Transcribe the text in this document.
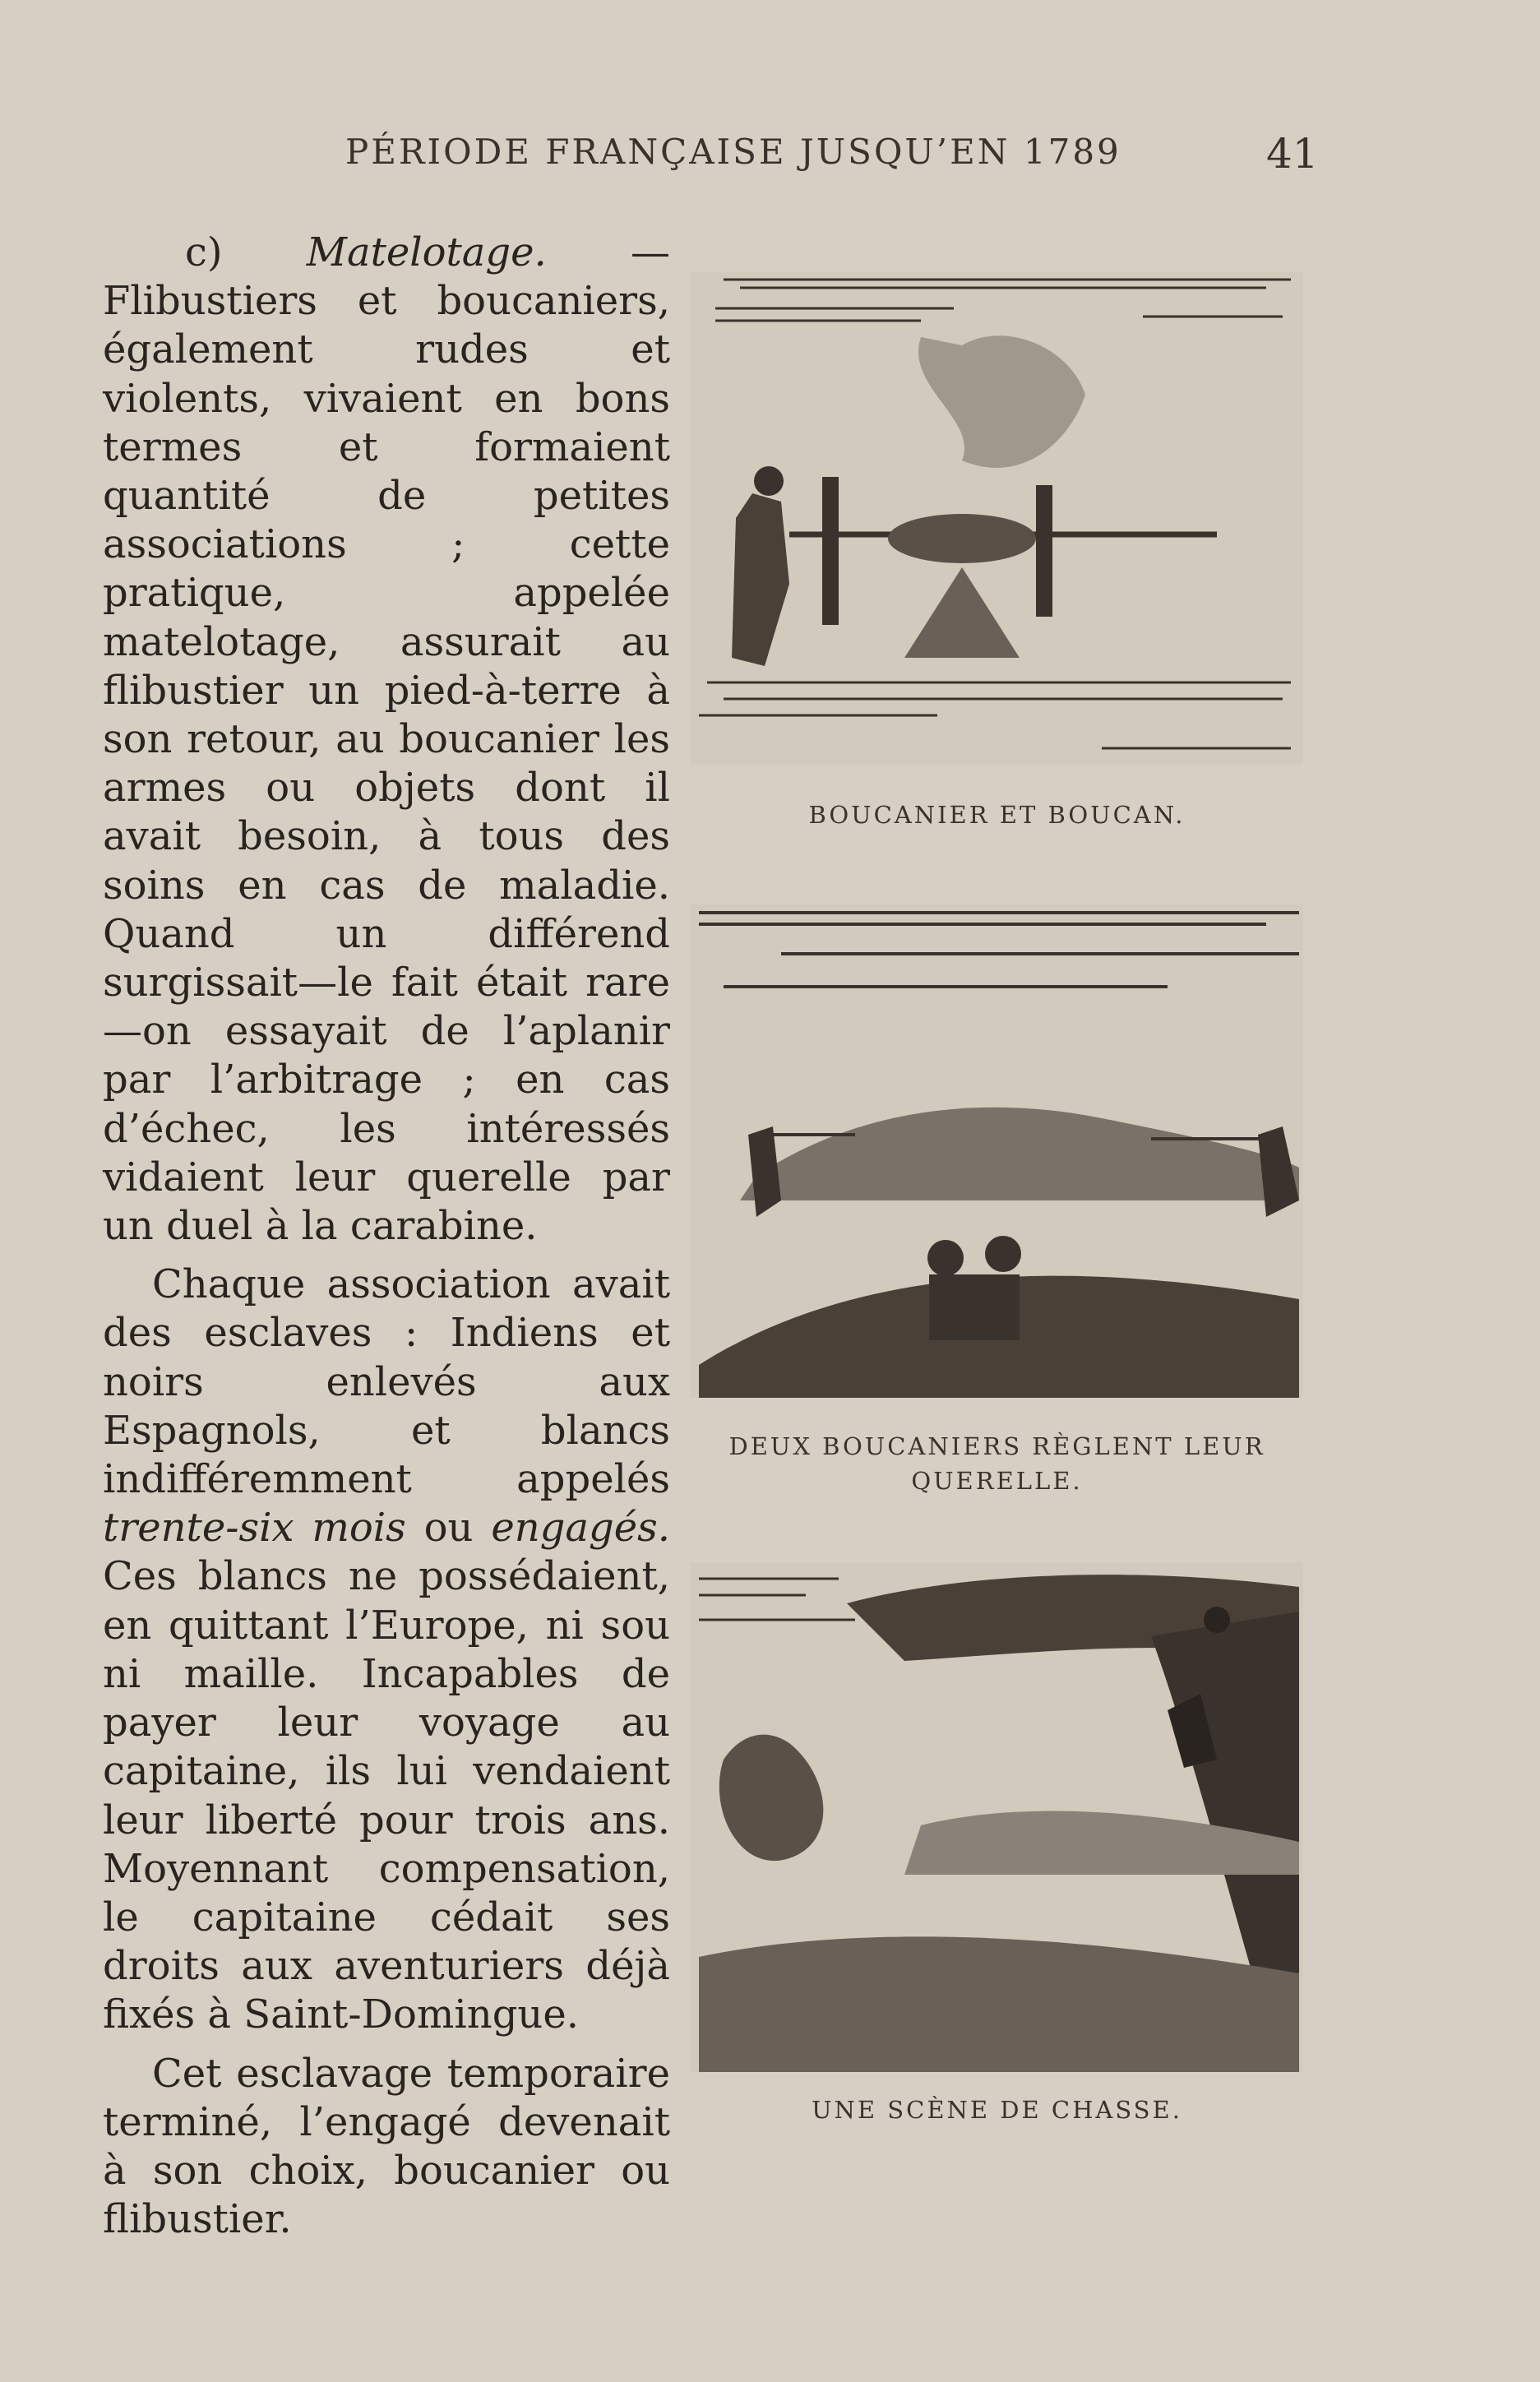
PÉRIODE FRANÇAISE JUSQU’EN 1789	41

c) Matelotage. — Flibustiers et boucaniers, également rudes et violents, vivaient en bons termes et formaient quantité de petites associations ; cette pratique, appelée matelotage, assurait au flibustier un pied-à-terre à son retour, au boucanier les armes ou objets dont il avait besoin, à tous des soins en cas de maladie. Quand un différend surgissait—le fait était rare—on essayait de l’aplanir par l’arbitrage ; en cas d’échec, les intéressés vidaient leur querelle par un duel à la carabine.

Chaque association avait des esclaves : Indiens et noirs enlevés aux Espagnols, et blancs indifféremment appelés trente-six mois ou engagés. Ces blancs ne possédaient, en quittant l’Europe, ni sou ni maille. Incapables de payer leur voyage au capitaine, ils lui vendaient leur liberté pour trois ans. Moyennant compensation, le capitaine cédait ses droits aux aventuriers déjà fixés à Saint-Domingue.

Cet esclavage temporaire terminé, l’engagé devenait à son choix, boucanier ou flibustier.

BOUCANIER ET BOUCAN.
DEUX BOUCANIERS RÈGLENT LEUR QUERELLE.
UNE SCÈNE DE CHASSE.
